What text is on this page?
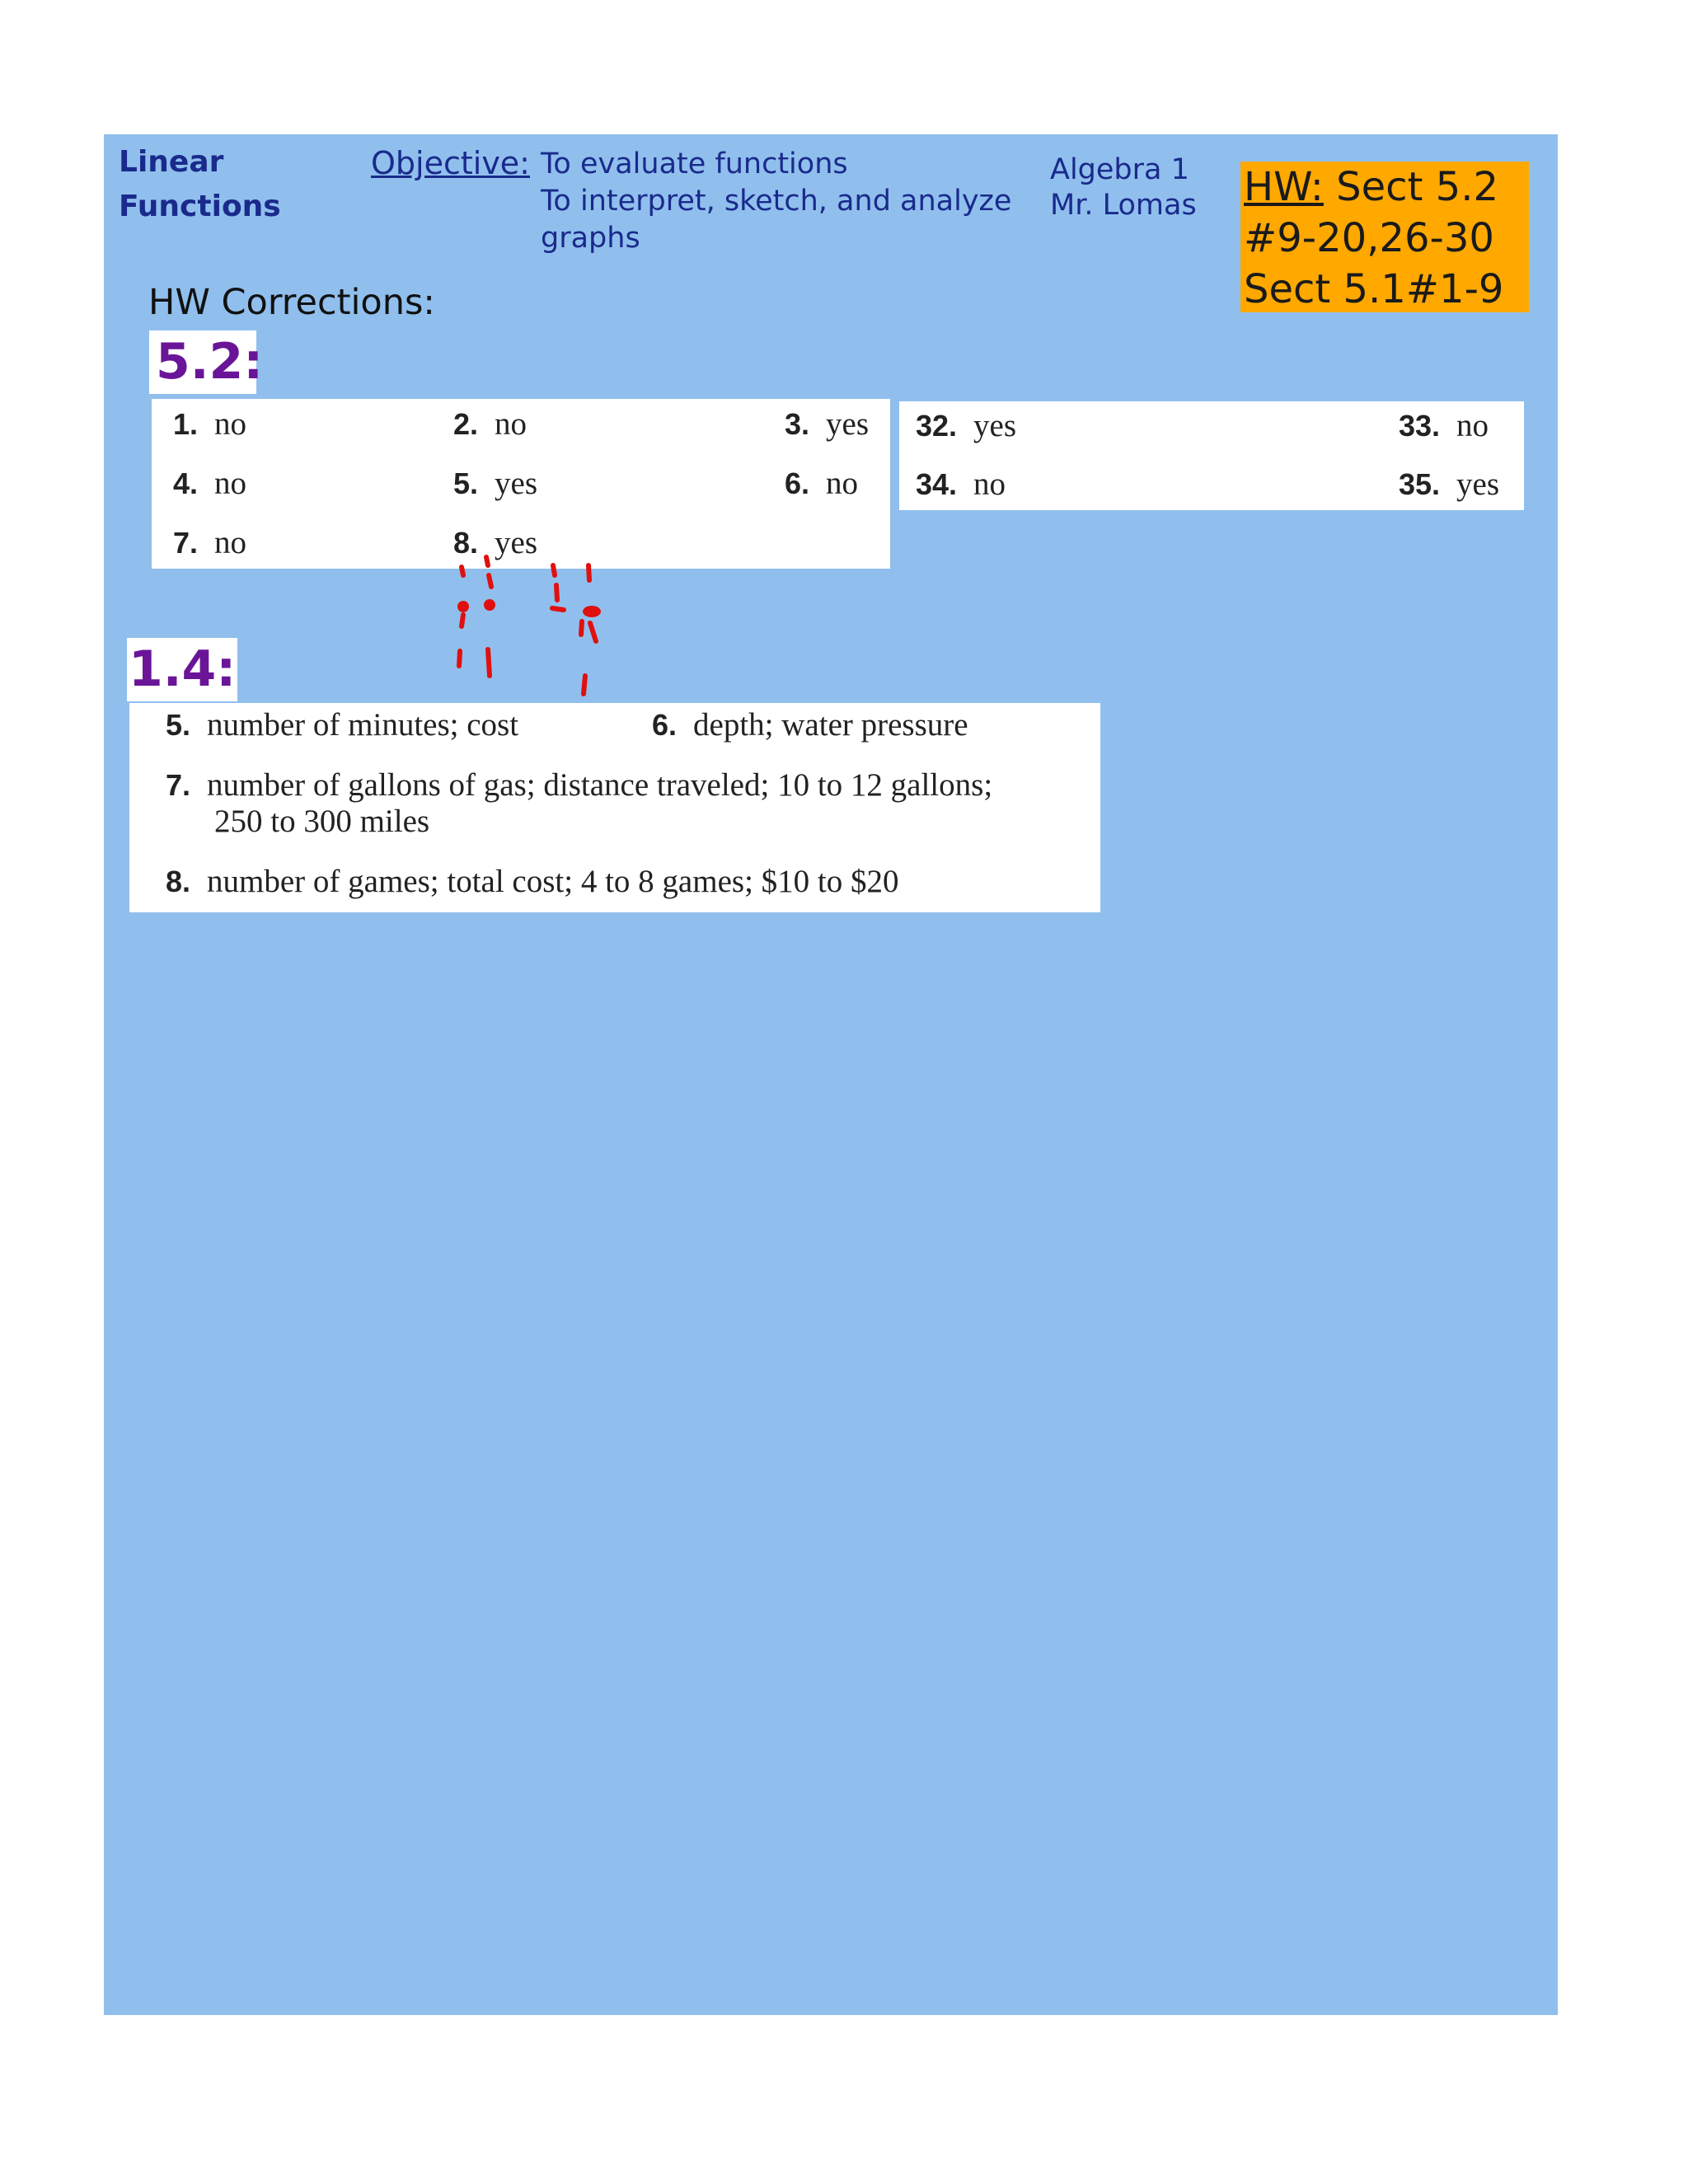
Linear
Functions
Objective: To evaluate functions
To interpret, sketch, and analyze
graphs
Algebra 1
Mr. Lomas HW: Sect 5.2
#9-20,26-30
Sect 5.1#1-9
HW Corrections:
5.2:
1. no	2. no	3. yes
4. no	5. yes	6. no
7. no	8. yes
32. yes	33. no
34. no	35. yes
1.4:
5. number of minutes; cost	6. depth; water pressure
7. number of gallons of gas; distance traveled; 10 to 12 gallons;
250 to 300 miles
8. number of games; total cost; 4 to 8 games; $10 to $20
